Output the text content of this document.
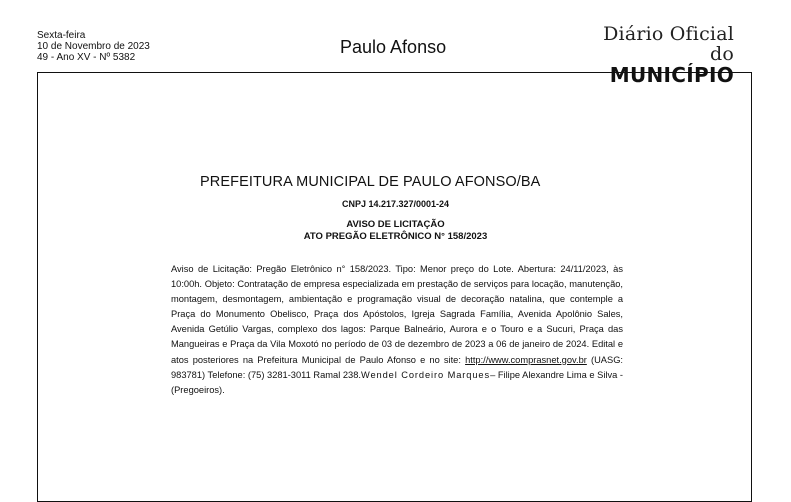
Sexta-feira
10 de Novembro de 2023
49 - Ano XV - Nº 5382
Paulo Afonso
Diário Oficial do
MUNICÍPIO
PREFEITURA MUNICIPAL DE PAULO AFONSO/BA
CNPJ 14.217.327/0001-24
AVISO DE LICITAÇÃO
ATO PREGÃO ELETRÔNICO N° 158/2023
Aviso de Licitação: Pregão Eletrônico n° 158/2023. Tipo: Menor preço do Lote. Abertura: 24/11/2023, às 10:00h. Objeto: Contratação de empresa especializada em prestação de serviços para locação, manutenção, montagem, desmontagem, ambientação e programação visual de decoração natalina, que contemple a Praça do Monumento Obelisco, Praça dos Apóstolos, Igreja Sagrada Família, Avenida Apolônio Sales, Avenida Getúlio Vargas, complexo dos lagos: Parque Balneário, Aurora e o Touro e a Sucuri, Praça das Mangueiras e Praça da Vila Moxotó no período de 03 de dezembro de 2023 a 06 de janeiro de 2024. Edital e atos posteriores na Prefeitura Municipal de Paulo Afonso e no site: http://www.comprasnet.gov.br (UASG: 983781) Telefone: (75) 3281-3011 Ramal 238.Wendel Cordeiro Marques– Filipe Alexandre Lima e Silva - (Pregoeiros).
